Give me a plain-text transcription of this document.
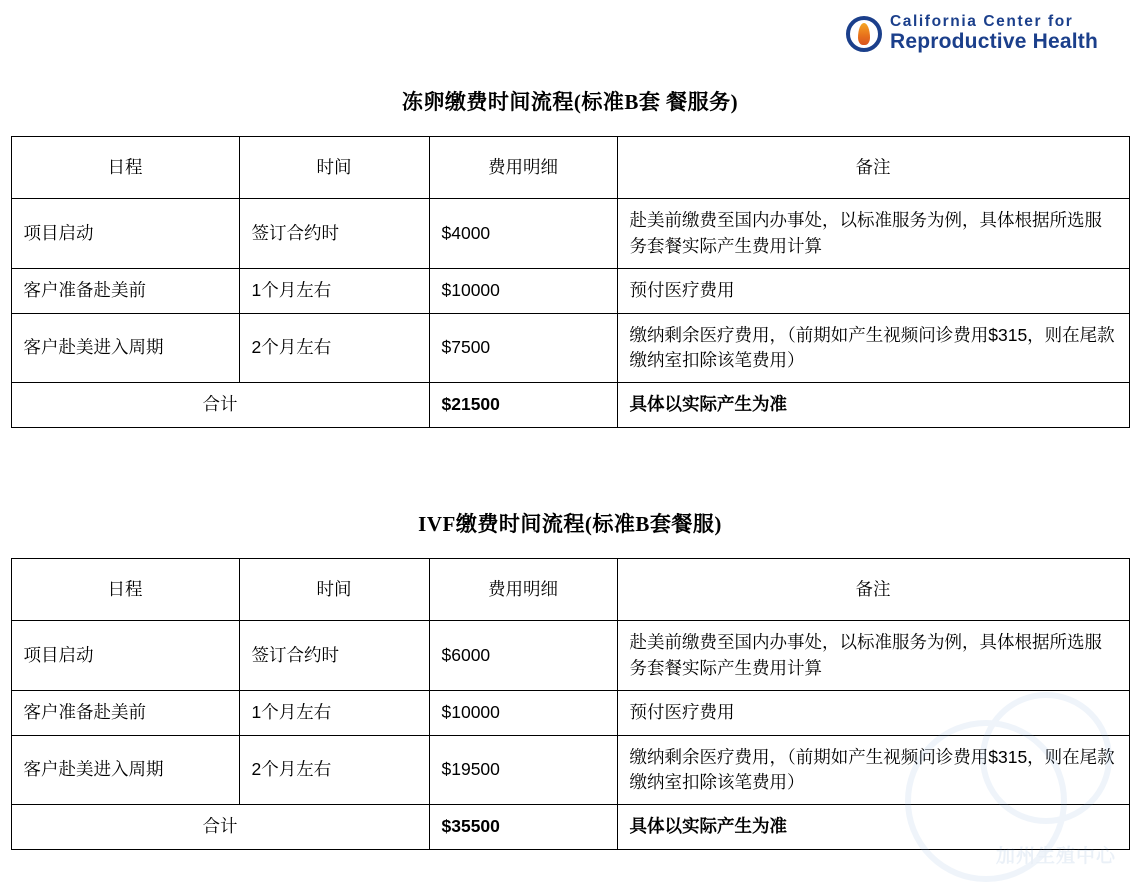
California Center for
Reproductive Health
冻卵缴费时间流程(标准B套 餐服务)
日程	时间	费用明细	备注
项目启动	签订合约时	$4000	赴美前缴费至国内办事处，以标准服务为例，具体根据所选服务套餐实际产生费用计算
客户准备赴美前	1个月左右	$10000	预付医疗费用
客户赴美进入周期	2个月左右	$7500	缴纳剩余医疗费用，（前期如产生视频问诊费用$315，则在尾款缴纳室扣除该笔费用）
合计		$21500	具体以实际产生为准
IVF缴费时间流程(标准B套餐服)
日程	时间	费用明细	备注
项目启动	签订合约时	$6000	赴美前缴费至国内办事处，以标准服务为例，具体根据所选服务套餐实际产生费用计算
客户准备赴美前	1个月左右	$10000	预付医疗费用
客户赴美进入周期	2个月左右	$19500	缴纳剩余医疗费用，（前期如产生视频问诊费用$315，则在尾款缴纳室扣除该笔费用）
合计		$35500	具体以实际产生为准
加州生殖中心
